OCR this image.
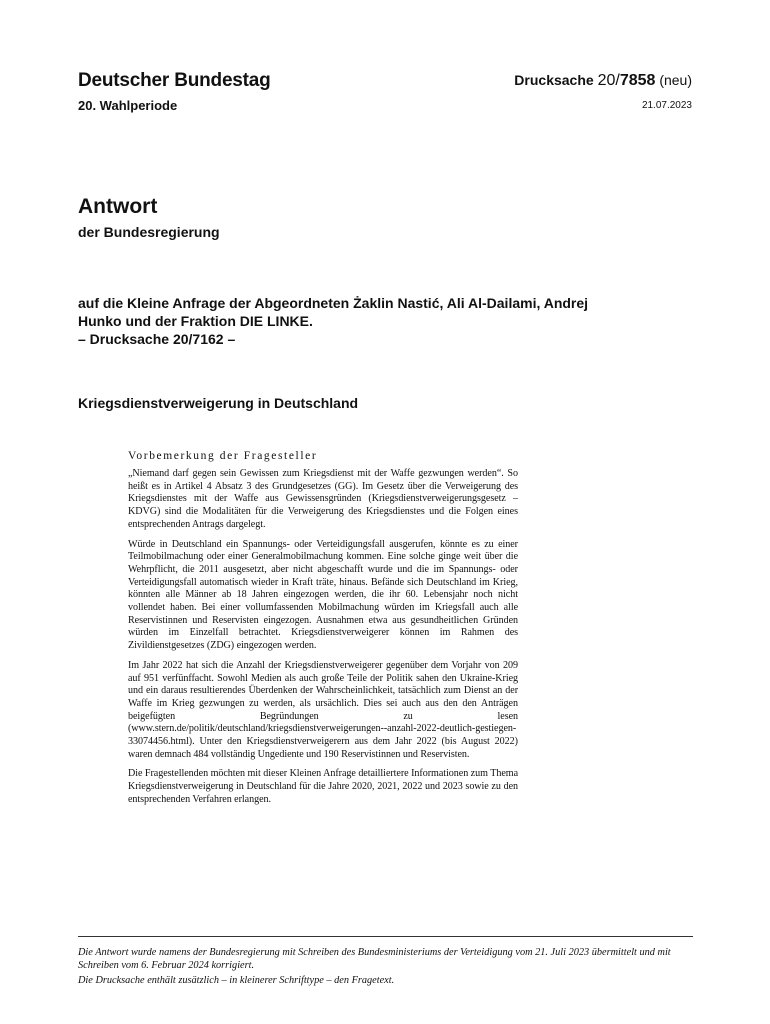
Deutscher Bundestag
20. Wahlperiode
Drucksache 20/7858 (neu)
21.07.2023
Antwort
der Bundesregierung
auf die Kleine Anfrage der Abgeordneten Żaklin Nastić, Ali Al-Dailami, Andrej
Hunko und der Fraktion DIE LINKE.
– Drucksache 20/7162 –
Kriegsdienstverweigerung in Deutschland
Vorbemerkung der Fragesteller

„Niemand darf gegen sein Gewissen zum Kriegsdienst mit der Waffe gezwungen werden“. So heißt es in Artikel 4 Absatz 3 des Grundgesetzes (GG). Im Gesetz über die Verweigerung des Kriegsdienstes mit der Waffe aus Gewissensgründen (Kriegsdienstverweigerungsgesetz – KDVG) sind die Modalitäten für die Verweigerung des Kriegsdienstes und die Folgen eines entsprechenden Antrags dargelegt.

Würde in Deutschland ein Spannungs- oder Verteidigungsfall ausgerufen, könnte es zu einer Teilmobilmachung oder einer Generalmobilmachung kommen. Eine solche ginge weit über die Wehrpflicht, die 2011 ausgesetzt, aber nicht abgeschafft wurde und die im Spannungs- oder Verteidigungsfall automatisch wieder in Kraft träte, hinaus. Befände sich Deutschland im Krieg, könnten alle Männer ab 18 Jahren eingezogen werden, die ihr 60. Lebensjahr noch nicht vollendet haben. Bei einer vollumfassenden Mobilmachung würden im Kriegsfall auch alle Reservistinnen und Reservisten eingezogen. Ausnahmen etwa aus gesundheitlichen Gründen würden im Einzelfall betrachtet. Kriegsdienstverweigerer können im Rahmen des Zivildienstgesetzes (ZDG) eingezogen werden.

Im Jahr 2022 hat sich die Anzahl der Kriegsdienstverweigerer gegenüber dem Vorjahr von 209 auf 951 verfünffacht. Sowohl Medien als auch große Teile der Politik sahen den Ukraine-Krieg und ein daraus resultierendes Überdenken der Wahrscheinlichkeit, tatsächlich zum Dienst an der Waffe im Krieg gezwungen zu werden, als ursächlich. Dies sei auch aus den den Anträgen beigefügten Begründungen zu lesen (www.stern.de/politik/deutschland/kriegsdienstverweigerungen--anzahl-2022-deutlich-gestiegen-33074456.html). Unter den Kriegsdienstverweigerern aus dem Jahr 2022 (bis August 2022) waren demnach 484 vollständig Ungediente und 190 Reservistinnen und Reservisten.

Die Fragestellenden möchten mit dieser Kleinen Anfrage detailliertere Informationen zum Thema Kriegsdienstverweigerung in Deutschland für die Jahre 2020, 2021, 2022 und 2023 sowie zu den entsprechenden Verfahren erlangen.

Die Antwort wurde namens der Bundesregierung mit Schreiben des Bundesministeriums der Verteidigung vom 21. Juli 2023 übermittelt und mit Schreiben vom 6. Februar 2024 korrigiert.

Die Drucksache enthält zusätzlich – in kleinerer Schrifttype – den Fragetext.
